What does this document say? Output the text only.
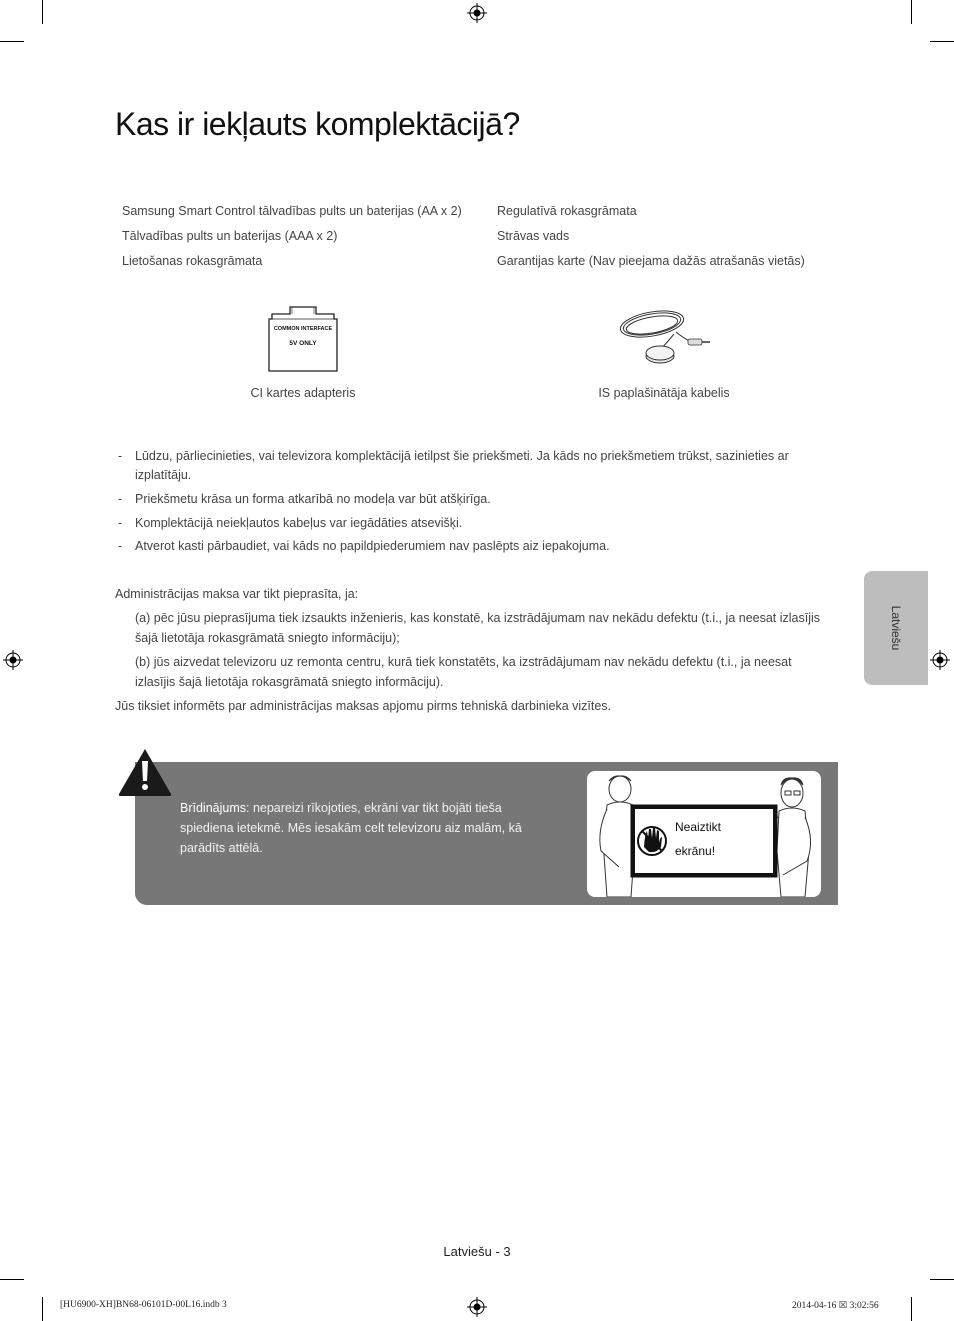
Kas ir iekļauts komplektācijā?
Samsung Smart Control tālvadības pults un baterijas (AA x 2)
Tālvadības pults un baterijas (AAA x 2)
Lietošanas rokasgrāmata
Regulatīvā rokasgrāmata
Strāvas vads
Garantijas karte (Nav pieejama dažās atrašanās vietās)
COMMON INTERFACE
5V ONLY
CI kartes adapteris	IS paplašinātāja kabelis
- Lūdzu, pārliecinieties, vai televizora komplektācijā ietilpst šie priekšmeti. Ja kāds no priekšmetiem trūkst, sazinieties ar izplatītāju.
- Priekšmetu krāsa un forma atkarībā no modeļa var būt atšķirīga.
- Komplektācijā neiekļautos kabeļus var iegādāties atsevišķi.
- Atverot kasti pārbaudiet, vai kāds no papildpiederumiem nav paslēpts aiz iepakojuma.
Administrācijas maksa var tikt pieprasīta, ja:
(a) pēc jūsu pieprasījuma tiek izsaukts inženieris, kas konstatē, ka izstrādājumam nav nekādu defektu (t.i., ja neesat izlasījis šajā lietotāja rokasgrāmatā sniegto informāciju);
(b) jūs aizvedat televizoru uz remonta centru, kurā tiek konstatēts, ka izstrādājumam nav nekādu defektu (t.i., ja neesat izlasījis šajā lietotāja rokasgrāmatā sniegto informāciju).
Jūs tiksiet informēts par administrācijas maksas apjomu pirms tehniskā darbinieka vizītes.
Latviešu
Brīdinājums: nepareizi rīkojoties, ekrāni var tikt bojāti tieša spiediena ietekmē. Mēs iesakām celt televizoru aiz malām, kā parādīts attēlā.
Neaiztikt
ekrānu!
Latviešu - 3
[HU6900-XH]BN68-06101D-00L16.indb 3	2014-04-16 ☒ 3:02:56
